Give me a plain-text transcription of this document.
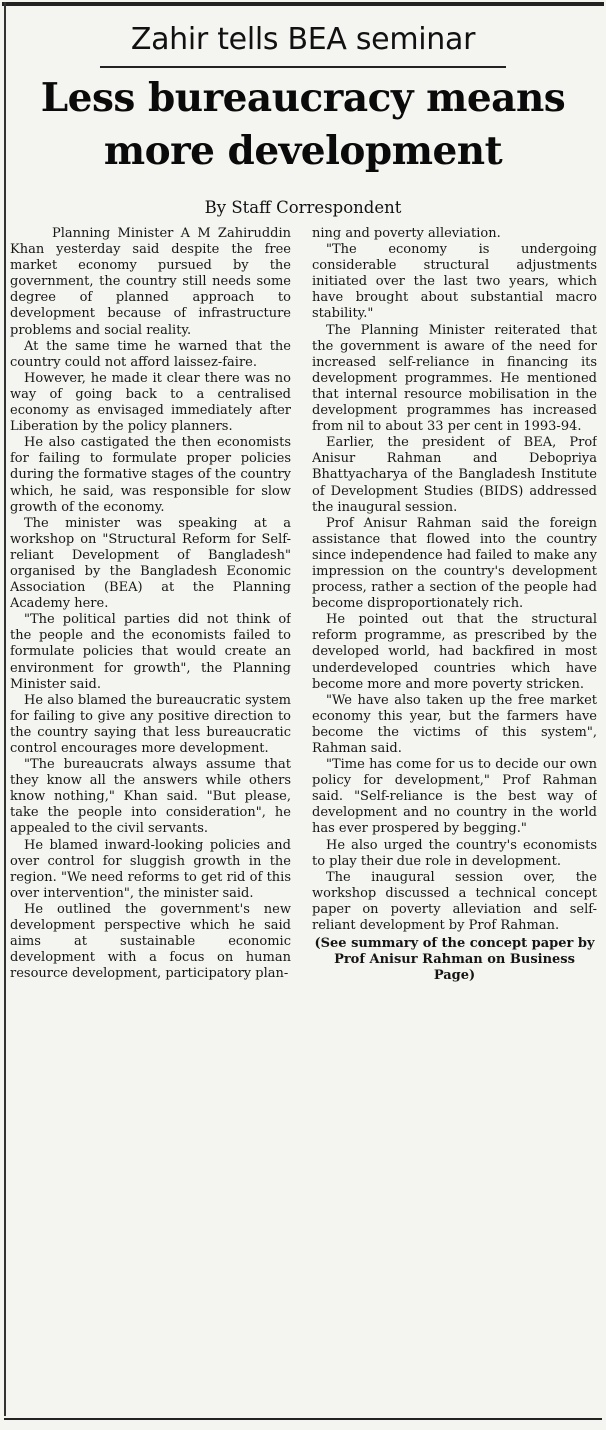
Zahir tells BEA seminar
Less bureaucracy means more development
By Staff Correspondent

Planning Minister A M Zahiruddin Khan yesterday said despite the free market economy pursued by the government, the country still needs some degree of planned approach to development because of infrastructure problems and social reality.

At the same time he warned that the country could not afford laissez-faire.

However, he made it clear there was no way of going back to a centralised economy as envisaged immediately after Liberation by the policy planners.

He also castigated the then economists for failing to formulate proper policies during the formative stages of the country which, he said, was responsible for slow growth of the economy.

The minister was speaking at a workshop on "Structural Reform for Self-reliant Development of Bangladesh" organised by the Bangladesh Economic Association (BEA) at the Planning Academy here.

"The political parties did not think of the people and the economists failed to formulate policies that would create an environment for growth", the Planning Minister said.

He also blamed the bureaucratic system for failing to give any positive direction to the country saying that less bureaucratic control encourages more development.

"The bureaucrats always assume that they know all the answers while others know nothing," Khan said. "But please, take the people into consideration", he appealed to the civil servants.

He blamed inward-looking policies and over control for sluggish growth in the region. "We need reforms to get rid of this over intervention", the minister said.

He outlined the government's new development perspective which he said aims at sustainable economic development with a focus on human resource development, participatory plan-

ning and poverty alleviation.

"The economy is undergoing considerable structural adjustments initiated over the last two years, which have brought about substantial macro stability."

The Planning Minister reiterated that the government is aware of the need for increased self-reliance in financing its development programmes. He mentioned that internal resource mobilisation in the development programmes has increased from nil to about 33 per cent in 1993-94.

Earlier, the president of BEA, Prof Anisur Rahman and Debopriya Bhattyacharya of the Bangladesh Institute of Development Studies (BIDS) addressed the inaugural session.

Prof Anisur Rahman said the foreign assistance that flowed into the country since independence had failed to make any impression on the country's development process, rather a section of the people had become disproportionately rich.

He pointed out that the structural reform programme, as prescribed by the developed world, had backfired in most underdeveloped countries which have become more and more poverty stricken.

"We have also taken up the free market economy this year, but the farmers have become the victims of this system", Rahman said.

"Time has come for us to decide our own policy for development," Prof Rahman said. "Self-reliance is the best way of development and no country in the world has ever prospered by begging."

He also urged the country's economists to play their due role in development.

The inaugural session over, the workshop discussed a technical concept paper on poverty alleviation and self-reliant development by Prof Rahman.

(See summary of the concept paper by Prof Anisur Rahman on Business Page)
